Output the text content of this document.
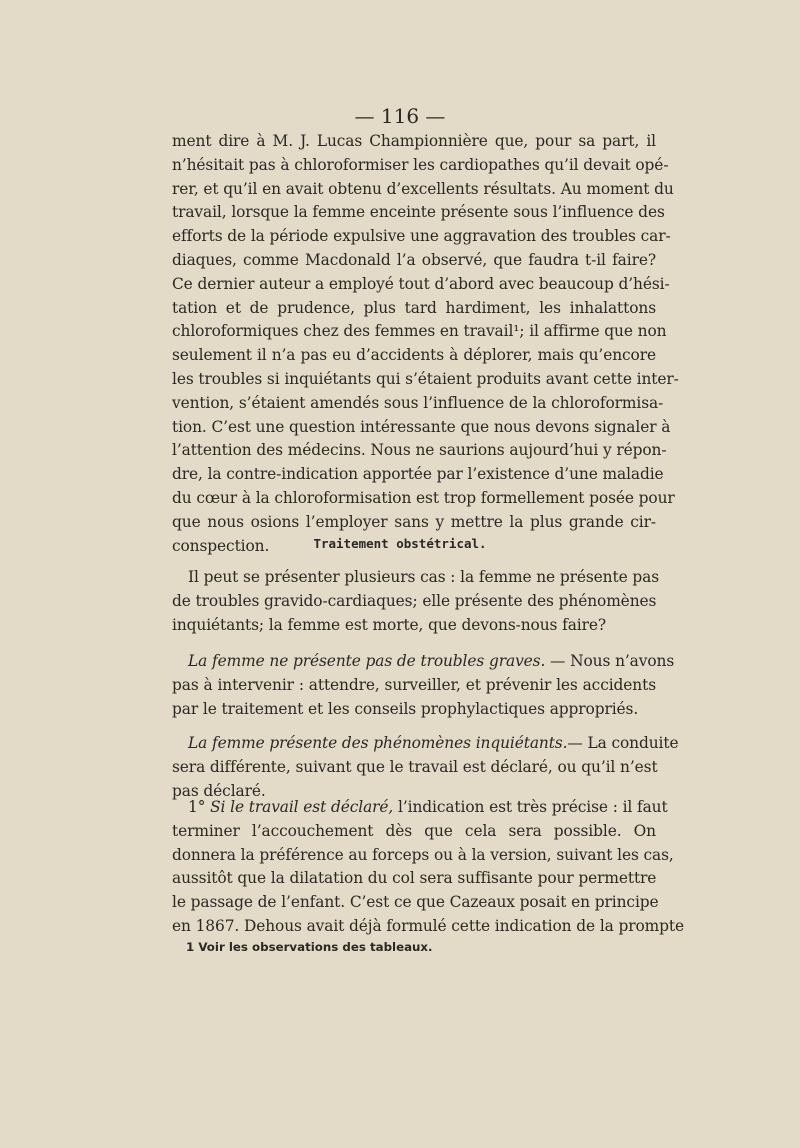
— 116 —
ment dire à M. J. Lucas Championnière que, pour sa part, il
n’hésitait pas à chloroformiser les cardiopathes qu’il devait opé-
rer, et qu’il en avait obtenu d’excellents résultats. Au moment du
travail, lorsque la femme enceinte présente sous l’influence des
efforts de la période expulsive une aggravation des troubles car-
diaques, comme Macdonald l’a observé, que faudra t-il faire?
Ce dernier auteur a employé tout d’abord avec beaucoup d’hési-
tation et de prudence, plus tard hardiment, les inhalattons
chloroformiques chez des femmes en travail¹; il affirme que non
seulement il n’a pas eu d’accidents à déplorer, mais qu’encore
les troubles si inquiétants qui s’étaient produits avant cette inter-
vention, s’étaient amendés sous l’influence de la chloroformisa-
tion. C’est une question intéressante que nous devons signaler à
l’attention des médecins. Nous ne saurions aujourd’hui y répon-
dre, la contre-indication apportée par l’existence d’une maladie
du cœur à la chloroformisation est trop formellement posée pour
que nous osions l’employer sans y mettre la plus grande cir-
conspection.	Traitement obstétrical.
Il peut se présenter plusieurs cas : la femme ne présente pas
de troubles gravido-cardiaques; elle présente des phénomènes
inquiétants; la femme est morte, que devons-nous faire?
La femme ne présente pas de troubles graves. — Nous n’avons
pas à intervenir : attendre, surveiller, et prévenir les accidents
par le traitement et les conseils prophylactiques appropriés.
La femme présente des phénomènes inquiétants.— La conduite
sera différente, suivant que le travail est déclaré, ou qu’il n’est
pas déclaré.
1° Si le travail est déclaré, l’indication est très précise : il faut
terminer l’accouchement dès que cela sera possible. On
donnera la préférence au forceps ou à la version, suivant les cas,
aussitôt que la dilatation du col sera suffisante pour permettre
le passage de l’enfant. C’est ce que Cazeaux posait en principe
en 1867. Dehous avait déjà formulé cette indication de la prompte
1 Voir les observations des tableaux.
